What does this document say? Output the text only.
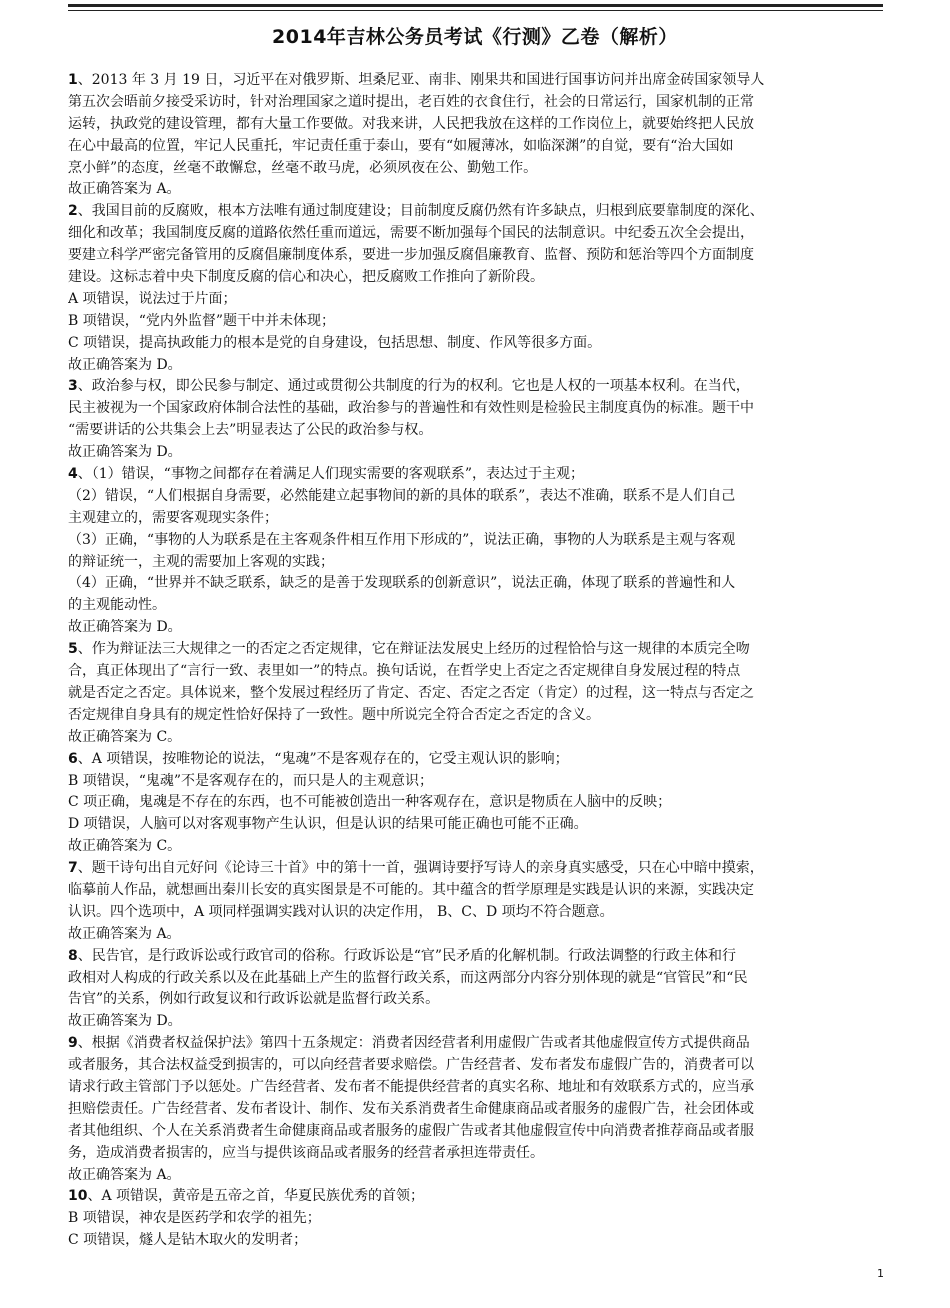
2014年吉林公务员考试《行测》乙卷（解析）
1、2013 年 3 月 19 日，习近平在对俄罗斯、坦桑尼亚、南非、刚果共和国进行国事访问并出席金砖国家领导人
第五次会晤前夕接受采访时，针对治理国家之道时提出，老百姓的衣食住行，社会的日常运行，国家机制的正常
运转，执政党的建设管理，都有大量工作要做。对我来讲，人民把我放在这样的工作岗位上，就要始终把人民放
在心中最高的位置，牢记人民重托，牢记责任重于泰山，要有“如履薄冰，如临深渊”的自觉，要有“治大国如
烹小鲜”的态度，丝毫不敢懈怠，丝毫不敢马虎，必须夙夜在公、勤勉工作。
故正确答案为 A。
2、我国目前的反腐败，根本方法唯有通过制度建设；目前制度反腐仍然有许多缺点，归根到底要靠制度的深化、
细化和改革；我国制度反腐的道路依然任重而道远，需要不断加强每个国民的法制意识。中纪委五次全会提出，
要建立科学严密完备管用的反腐倡廉制度体系，要进一步加强反腐倡廉教育、监督、预防和惩治等四个方面制度
建设。这标志着中央下制度反腐的信心和决心，把反腐败工作推向了新阶段。
A 项错误，说法过于片面；
B 项错误，“党内外监督”题干中并未体现；
C 项错误，提高执政能力的根本是党的自身建设，包括思想、制度、作风等很多方面。
故正确答案为 D。
3、政治参与权，即公民参与制定、通过或贯彻公共制度的行为的权利。它也是人权的一项基本权利。在当代，
民主被视为一个国家政府体制合法性的基础，政治参与的普遍性和有效性则是检验民主制度真伪的标准。题干中
“需要讲话的公共集会上去”明显表达了公民的政治参与权。
故正确答案为 D。
4、（1）错误，“事物之间都存在着满足人们现实需要的客观联系”，表达过于主观；
（2）错误，“人们根据自身需要，必然能建立起事物间的新的具体的联系”，表达不准确，联系不是人们自己
主观建立的，需要客观现实条件；
（3）正确，“事物的人为联系是在主客观条件相互作用下形成的”，说法正确，事物的人为联系是主观与客观
的辩证统一，主观的需要加上客观的实践；
（4）正确，“世界并不缺乏联系，缺乏的是善于发现联系的创新意识”，说法正确，体现了联系的普遍性和人
的主观能动性。
故正确答案为 D。
5、作为辩证法三大规律之一的否定之否定规律，它在辩证法发展史上经历的过程恰恰与这一规律的本质完全吻
合，真正体现出了“言行一致、表里如一”的特点。换句话说，在哲学史上否定之否定规律自身发展过程的特点
就是否定之否定。具体说来，整个发展过程经历了肯定、否定、否定之否定（肯定）的过程，这一特点与否定之
否定规律自身具有的规定性恰好保持了一致性。题中所说完全符合否定之否定的含义。
故正确答案为 C。
6、A 项错误，按唯物论的说法，“鬼魂”不是客观存在的，它受主观认识的影响；
B 项错误，“鬼魂”不是客观存在的，而只是人的主观意识；
C 项正确，鬼魂是不存在的东西，也不可能被创造出一种客观存在，意识是物质在人脑中的反映；
D 项错误，人脑可以对客观事物产生认识，但是认识的结果可能正确也可能不正确。
故正确答案为 C。
7、题干诗句出自元好问《论诗三十首》中的第十一首，强调诗要抒写诗人的亲身真实感受，只在心中暗中摸索，
临摹前人作品，就想画出秦川长安的真实图景是不可能的。其中蕴含的哲学原理是实践是认识的来源，实践决定
认识。四个选项中，A 项同样强调实践对认识的决定作用， B、C、D 项均不符合题意。
故正确答案为 A。
8、民告官，是行政诉讼或行政官司的俗称。行政诉讼是“官”民矛盾的化解机制。行政法调整的行政主体和行
政相对人构成的行政关系以及在此基础上产生的监督行政关系，而这两部分内容分别体现的就是“官管民”和“民
告官”的关系，例如行政复议和行政诉讼就是监督行政关系。
故正确答案为 D。
9、根据《消费者权益保护法》第四十五条规定：消费者因经营者利用虚假广告或者其他虚假宣传方式提供商品
或者服务，其合法权益受到损害的，可以向经营者要求赔偿。广告经营者、发布者发布虚假广告的，消费者可以
请求行政主管部门予以惩处。广告经营者、发布者不能提供经营者的真实名称、地址和有效联系方式的，应当承
担赔偿责任。广告经营者、发布者设计、制作、发布关系消费者生命健康商品或者服务的虚假广告，社会团体或
者其他组织、个人在关系消费者生命健康商品或者服务的虚假广告或者其他虚假宣传中向消费者推荐商品或者服
务，造成消费者损害的，应当与提供该商品或者服务的经营者承担连带责任。
故正确答案为 A。
10、A 项错误，黄帝是五帝之首，华夏民族优秀的首领；
B 项错误，神农是医药学和农学的祖先；
C 项错误，燧人是钻木取火的发明者；
1
